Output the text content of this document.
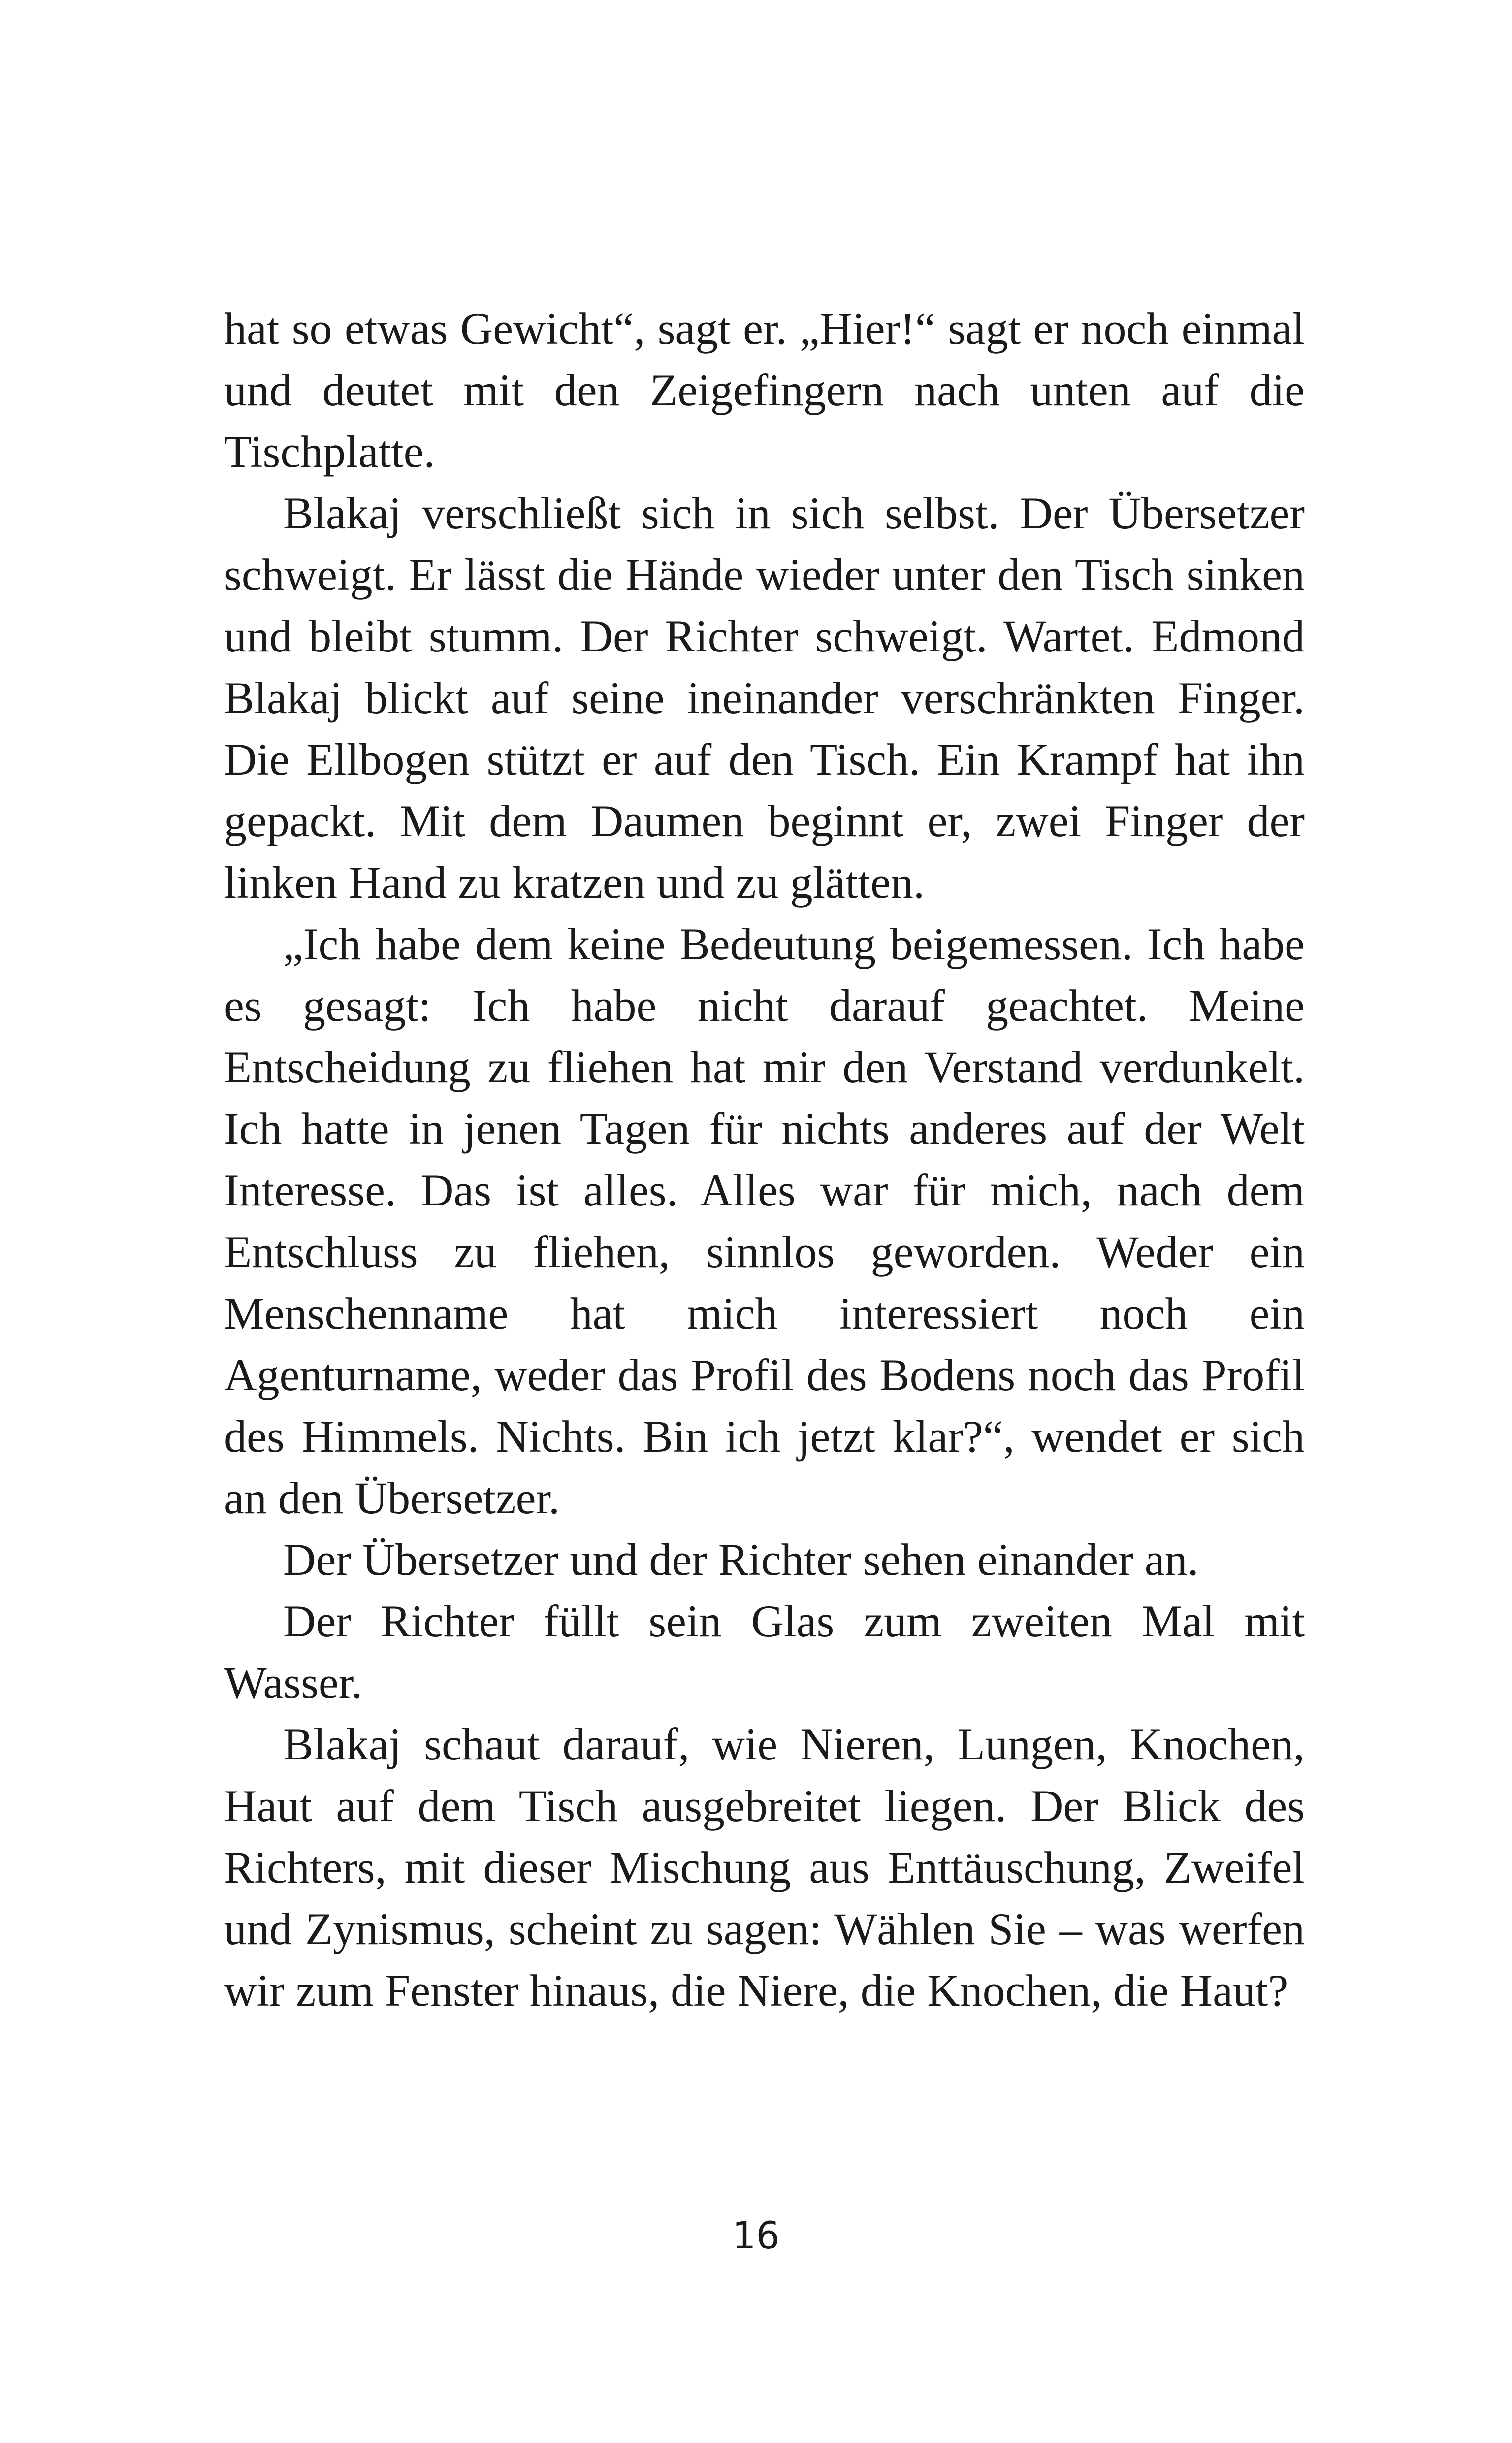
hat so etwas Gewicht“, sagt er. „Hier!“ sagt er noch einmal und deutet mit den Zeigefingern nach unten auf die Tischplatte.

Blakaj verschließt sich in sich selbst. Der Übersetzer schweigt. Er lässt die Hände wieder unter den Tisch sinken und bleibt stumm. Der Richter schweigt. Wartet. Edmond Blakaj blickt auf seine ineinander verschränkten Finger. Die Ellbogen stützt er auf den Tisch. Ein Krampf hat ihn gepackt. Mit dem Daumen beginnt er, zwei Finger der linken Hand zu kratzen und zu glätten.

„Ich habe dem keine Bedeutung beigemessen. Ich habe es gesagt: Ich habe nicht darauf geachtet. Meine Entscheidung zu fliehen hat mir den Verstand verdunkelt. Ich hatte in jenen Tagen für nichts anderes auf der Welt Interesse. Das ist alles. Alles war für mich, nach dem Entschluss zu fliehen, sinnlos geworden. Weder ein Menschenname hat mich interessiert noch ein Agenturname, weder das Profil des Bodens noch das Profil des Himmels. Nichts. Bin ich jetzt klar?“, wendet er sich an den Übersetzer.

Der Übersetzer und der Richter sehen einander an.

Der Richter füllt sein Glas zum zweiten Mal mit Wasser.

Blakaj schaut darauf, wie Nieren, Lungen, Knochen, Haut auf dem Tisch ausgebreitet liegen. Der Blick des Richters, mit dieser Mischung aus Enttäuschung, Zweifel und Zynismus, scheint zu sagen: Wählen Sie – was werfen wir zum Fenster hinaus, die Niere, die Knochen, die Haut?

16
